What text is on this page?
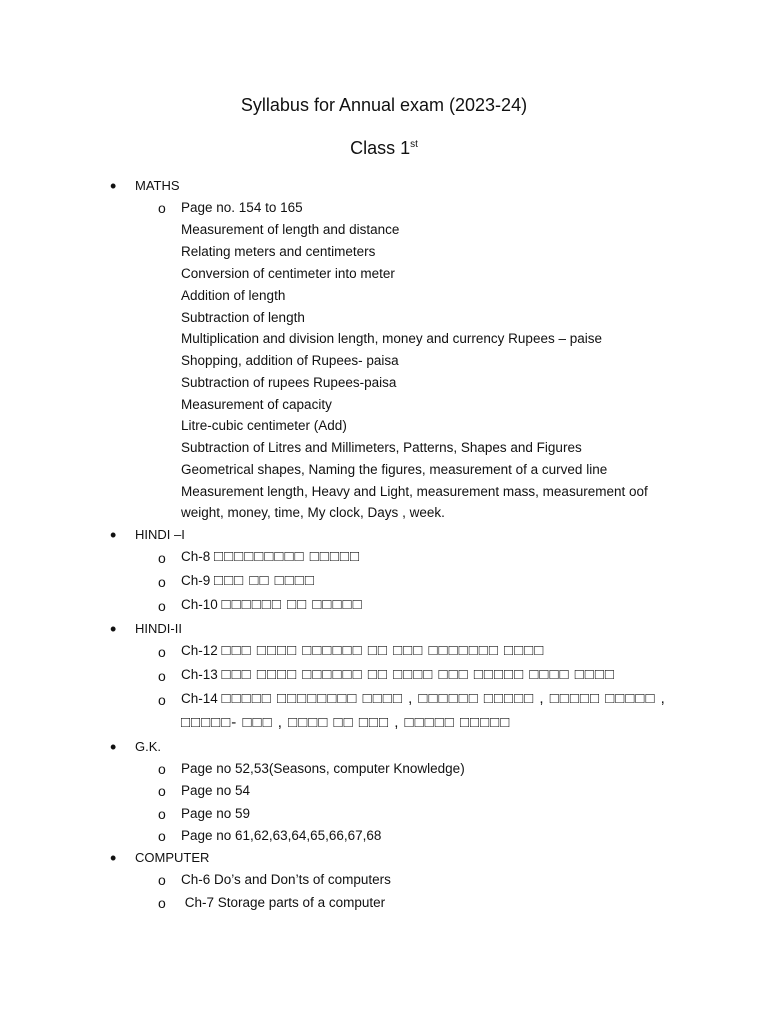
Syllabus for Annual exam (2023-24)
Class 1st
• MATHS
o Page no. 154 to 165
Measurement of length and distance
Relating meters and centimeters
Conversion of centimeter into meter
Addition of length
Subtraction of length
Multiplication and division length, money and currency Rupees – paise
Shopping, addition of Rupees- paisa
Subtraction of rupees Rupees-paisa
Measurement of capacity
Litre-cubic centimeter (Add)
Subtraction of Litres and Millimeters, Patterns, Shapes and Figures
Geometrical shapes, Naming the figures, measurement of a curved line
Measurement length, Heavy and Light, measurement mass, measurement oof
weight, money, time, My clock, Days , week.
• HINDI –I
o Ch-8 □□□□□□□□□ □□□□□
o Ch-9 □□□ □□ □□□□
o Ch-10 □□□□□□ □□ □□□□□
• HINDI-II
o Ch-12 □□□ □□□□ □□□□□□ □□ □□□ □□□□□□□ □□□□
o Ch-13 □□□ □□□□ □□□□□□ □□ □□□□ □□□ □□□□□ □□□□ □□□□
o Ch-14 □□□□□ □□□□□□□□ □□□□ , □□□□□□ □□□□□ , □□□□□ □□□□□ ,
□□□□□- □□□ , □□□□ □□ □□□ , □□□□□ □□□□□
• G.K.
o Page no 52,53(Seasons, computer Knowledge)
o Page no 54
o Page no 59
o Page no 61,62,63,64,65,66,67,68
• COMPUTER
o Ch-6 Do’s and Don’ts of computers
o Ch-7 Storage parts of a computer
